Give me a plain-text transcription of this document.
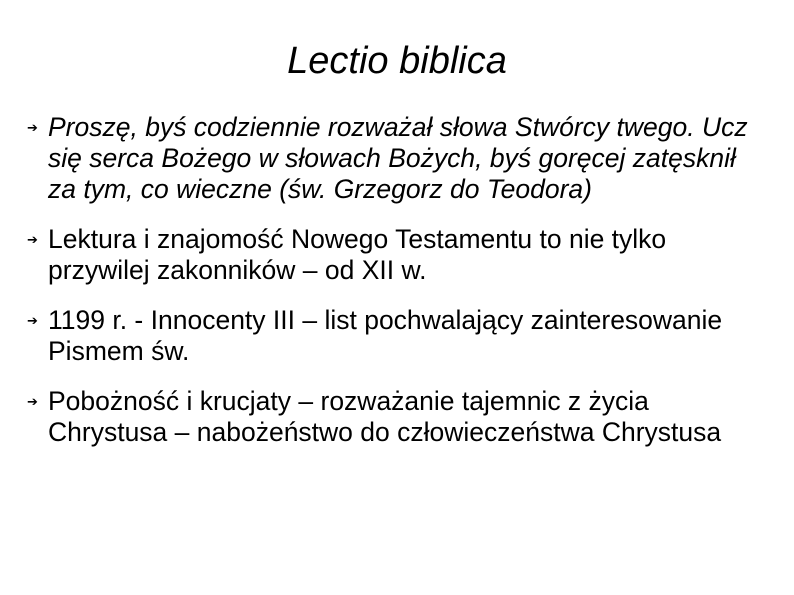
Lectio biblica
➔ Proszę, byś codziennie rozważał słowa Stwórcy twego. Ucz się serca Bożego w słowach Bożych, byś goręcej zatęsknił za tym, co wieczne (św. Grzegorz do Teodora)
➔ Lektura i znajomość Nowego Testamentu to nie tylko przywilej zakonników – od XII w.
➔ 1199 r. - Innocenty III – list pochwalający zainteresowanie Pismem św.
➔ Pobożność i krucjaty – rozważanie tajemnic z życia Chrystusa – nabożeństwo do człowieczeństwa Chrystusa
